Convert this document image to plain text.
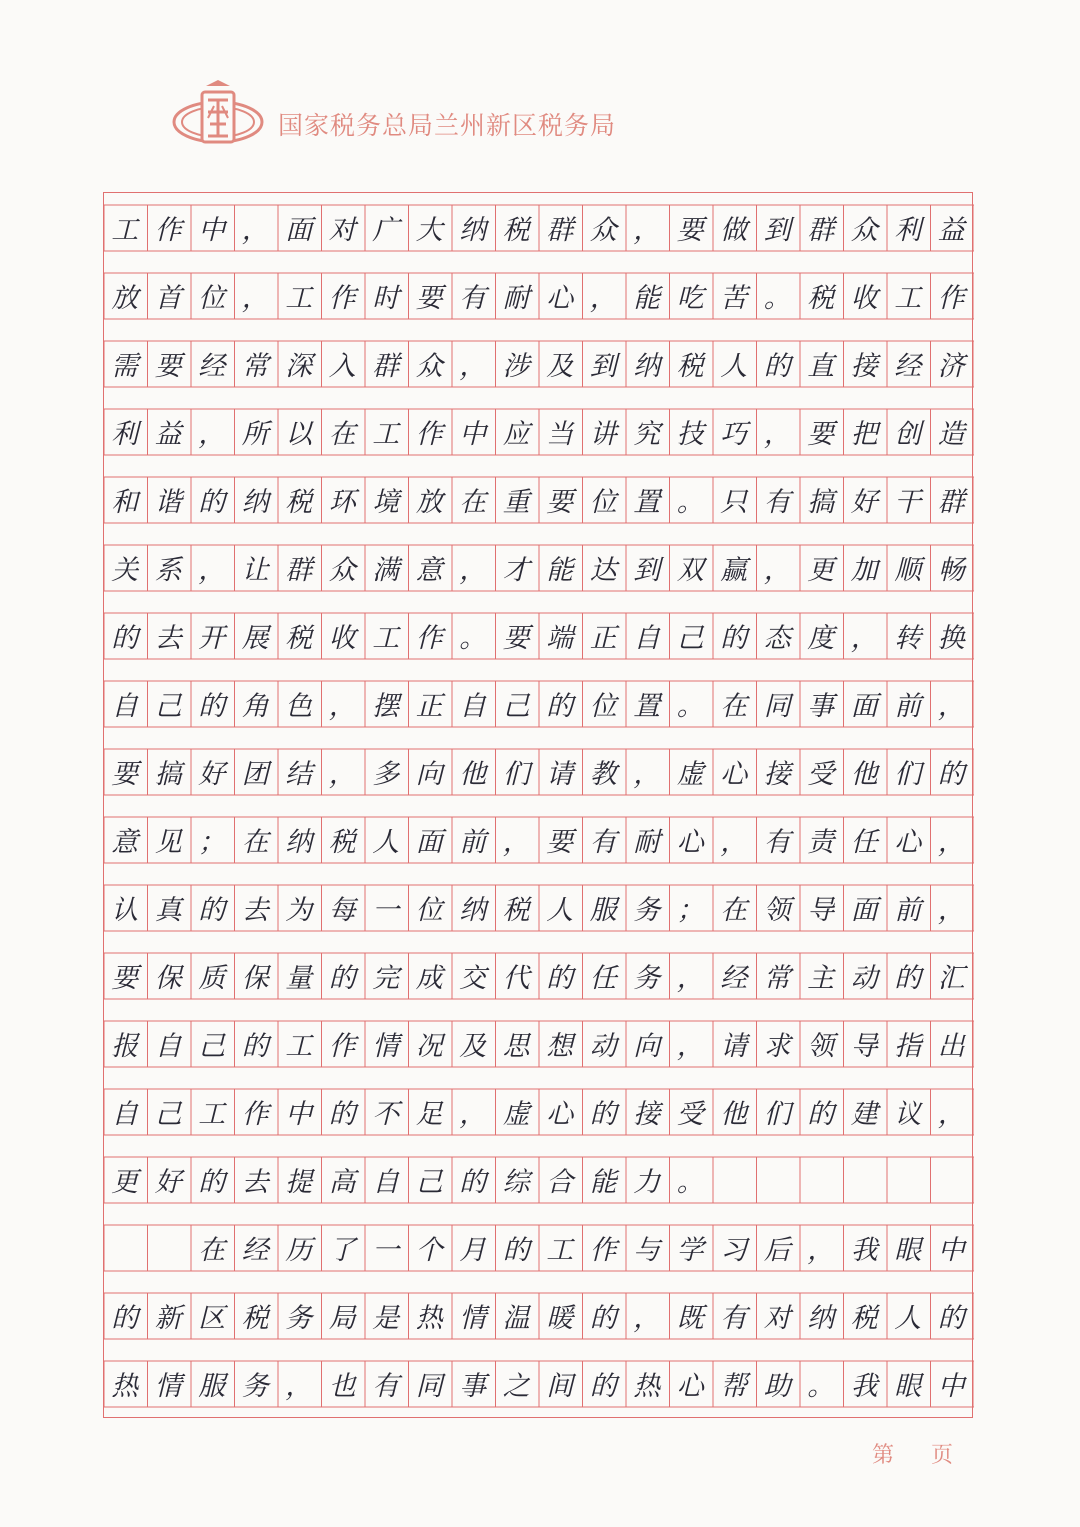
国家税务总局兰州新区税务局
工 作 中 ， 面 对 广 大 纳 税 群 众 ， 要 做 到 群 众 利 益
放 首 位 ， 工 作 时 要 有 耐 心 ， 能 吃 苦 。 税 收 工 作
需 要 经 常 深 入 群 众 ， 涉 及 到 纳 税 人 的 直 接 经 济
利 益 ， 所 以 在 工 作 中 应 当 讲 究 技 巧 ， 要 把 创 造
和 谐 的 纳 税 环 境 放 在 重 要 位 置 。 只 有 搞 好 干 群
关 系 ， 让 群 众 满 意 ， 才 能 达 到 双 赢 ， 更 加 顺 畅
的 去 开 展 税 收 工 作 。 要 端 正 自 己 的 态 度 ， 转 换
自 己 的 角 色 ， 摆 正 自 己 的 位 置 。 在 同 事 面 前 ，
要 搞 好 团 结 ， 多 向 他 们 请 教 ， 虚 心 接 受 他 们 的
意 见 ； 在 纳 税 人 面 前 ， 要 有 耐 心 ， 有 责 任 心 ，
认 真 的 去 为 每 一 位 纳 税 人 服 务 ； 在 领 导 面 前 ，
要 保 质 保 量 的 完 成 交 代 的 任 务 ， 经 常 主 动 的 汇
报 自 己 的 工 作 情 况 及 思 想 动 向 ， 请 求 领 导 指 出
自 己 工 作 中 的 不 足 ， 虚 心 的 接 受 他 们 的 建 议 ，
更 好 的 去 提 高 自 己 的 综 合 能 力 。
在 经 历 了 一 个 月 的 工 作 与 学 习 后 ， 我 眼 中
的 新 区 税 务 局 是 热 情 温 暖 的 ， 既 有 对 纳 税 人 的
热 情 服 务 ， 也 有 同 事 之 间 的 热 心 帮 助 。 我 眼 中
第 页
